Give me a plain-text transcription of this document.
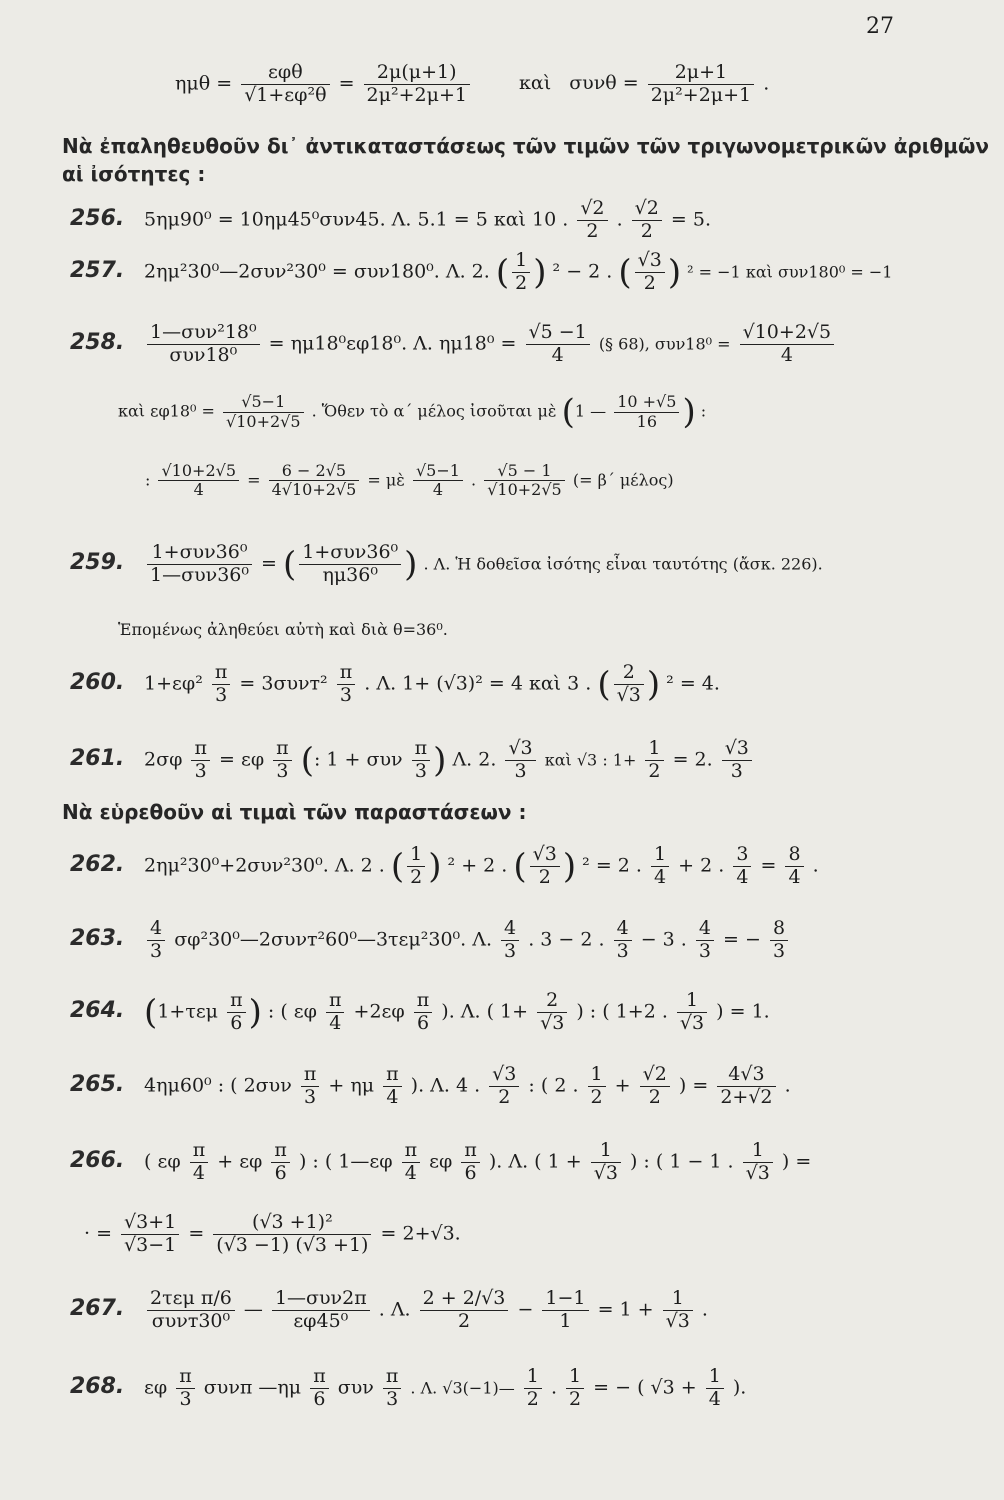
27
$\eta\mu\theta = \frac{\text{εφθ}}{\text{√1+εφ²θ}} = \frac{2\mu(\mu+1)}{\text{2μ²+2μ+1}}$	καὶ $\sigma\upsilon\nu\theta = \frac{2\mu+1}{\text{2μ²+2μ+1}}$ .
Νὰ ἐπαληθευθοῦν δι᾿ ἀντικαταστάσεως τῶν τιμῶν τῶν τριγωνομετρικῶν ἀριθμῶν
αἱ ἰσότητες :
256. 5ημ90⁰ = 10ημ45⁰συν45. Λ. 5.1 = 5 καὶ 10 . $\frac{√2}{2}$ . $\frac{√2}{2} = 5$.
257. 2ημ²30⁰—2συν²30⁰ = συν180⁰. Λ. 2. ( $\frac{1}{2}$ ) ² − 2 . ( $\frac{√3}{2}$ ) ² = −1 καὶ συν180⁰ = −1
258. $\frac{\text{1—συν²18⁰}}{\text{συν18⁰}} = \eta\mu 18^0\varepsilon\varphi 18^0$. Λ. $\eta\mu 18^0 = \frac{√5 -1}{4}$ (§ 68), $\sigma\upsilon\nu 18^0 = \frac{√10+2√5}{4}$
καὶ $\varepsilon\varphi 18^0 = \frac{√5-1}{√10+2√5}$ . Ὅθεν τὸ α΄ μέλος ἰσοῦται μὲ (1 — $\frac{10 +√5}{16}$ ) :
: $\frac{√10+2√5}{4} = \frac{6 - 2√5}{4√10+2√5}$ = μὲ $\frac{√5-1}{4}$ . $\frac{√5 - 1}{√10+2√5}$ (= β΄ μέλος)
259. $\frac{\text{1+συν36⁰}}{\text{1—συν36⁰}}$ = ( $\frac{\text{1+συν36⁰}}{\text{ημ36⁰}}$ ) . Λ. Ἡ δοθεῖσα ἰσότης εἶναι ταυτότης (ἄσκ. 226).
Ἑπομένως ἀληθεύει αὐτὴ καὶ διὰ θ=36⁰.
260. $1+\varepsilon\varphi^2 \frac{\pi}{3} = 3\sigma\upsilon\nu т^2 \frac{\pi}{3}$ . Λ. 1+ (√3)² = 4 καὶ 3 . ( $\frac{2}{√3}$ ) ² = 4.
261. $2\sigma\varphi \frac{\pi}{3} = \varepsilon\varphi \frac{\pi}{3}$ (: 1 + συν $\frac{\pi}{3}$ ) Λ. 2. $\frac{√3}{3}$ καὶ √3 : $1+ \frac{1}{2} = 2$. $\frac{√3}{3}$
Νὰ εὑρεθοῦν αἱ τιμαὶ τῶν παραστάσεων :
262. 2ημ²30⁰+2συν²30⁰. Λ. 2 . ( $\frac{1}{2}$ ) ² + 2 . ( $\frac{√3}{2}$ ) ² = 2 . $\frac{1}{4} + 2$ . $\frac{3}{4} = \frac{8}{4}$ .
263. $\frac{4}{3}$ σφ²30⁰—2συνт²60⁰—3τεμ²30⁰. Λ. $\frac{4}{3}$ . 3 − 2 . $\frac{4}{3} - 3$ . $\frac{4}{3}$ = − $\frac{8}{3}$
264. ($1+\tau\varepsilon\mu \frac{\pi}{6}$ ) : ( εφ $\frac{\pi}{4} +2\varepsilon\varphi \frac{\pi}{6}$ ). Λ. ( $1+ \frac{2}{√3}$ ) : ( 1+2 . $\frac{1}{√3}$ ) = 1.
265. 4ημ60⁰ : ( $2\sigma\upsilon\nu \frac{\pi}{3} + \eta\mu \frac{\pi}{4}$ ). Λ. 4 . $\frac{√3}{2}$ : ( 2 . $\frac{1}{2} + \frac{√2}{2}$ ) = $\frac{4√3}{2+√2}$ .
266. ( εφ $\frac{\pi}{4} + \varepsilon\varphi \frac{\pi}{6}$ ) : ( 1—εφ $\frac{\pi}{4}$ εφ $\frac{\pi}{6}$ ). Λ. ( $1 + \frac{1}{√3}$ ) : ( 1 − 1 . $\frac{1}{√3}$ ) =
· = $\frac{√3+1}{√3-1} = \frac{\text{(√3 +1)²}}{(√3 -1) (√3 +1)} = 2+√3$.
267. $\frac{\text{2τεμ π/6}}{\text{συνт30⁰}}$ — $\frac{\text{1—συν2π}}{\text{εφ45⁰}}$ . Λ. $\frac{2 + 2/√3}{2} - \frac{1-1}{1} = 1 + \frac{1}{√3}$ .
268. εφ $\frac{\pi}{3}$ συνπ —ημ $\frac{\pi}{6}$ συν $\frac{\pi}{3}$ . Λ. √3(−1)— $\frac{1}{2}$ . $\frac{1}{2}$ = − ( $√3 + \frac{1}{4}$ ).
